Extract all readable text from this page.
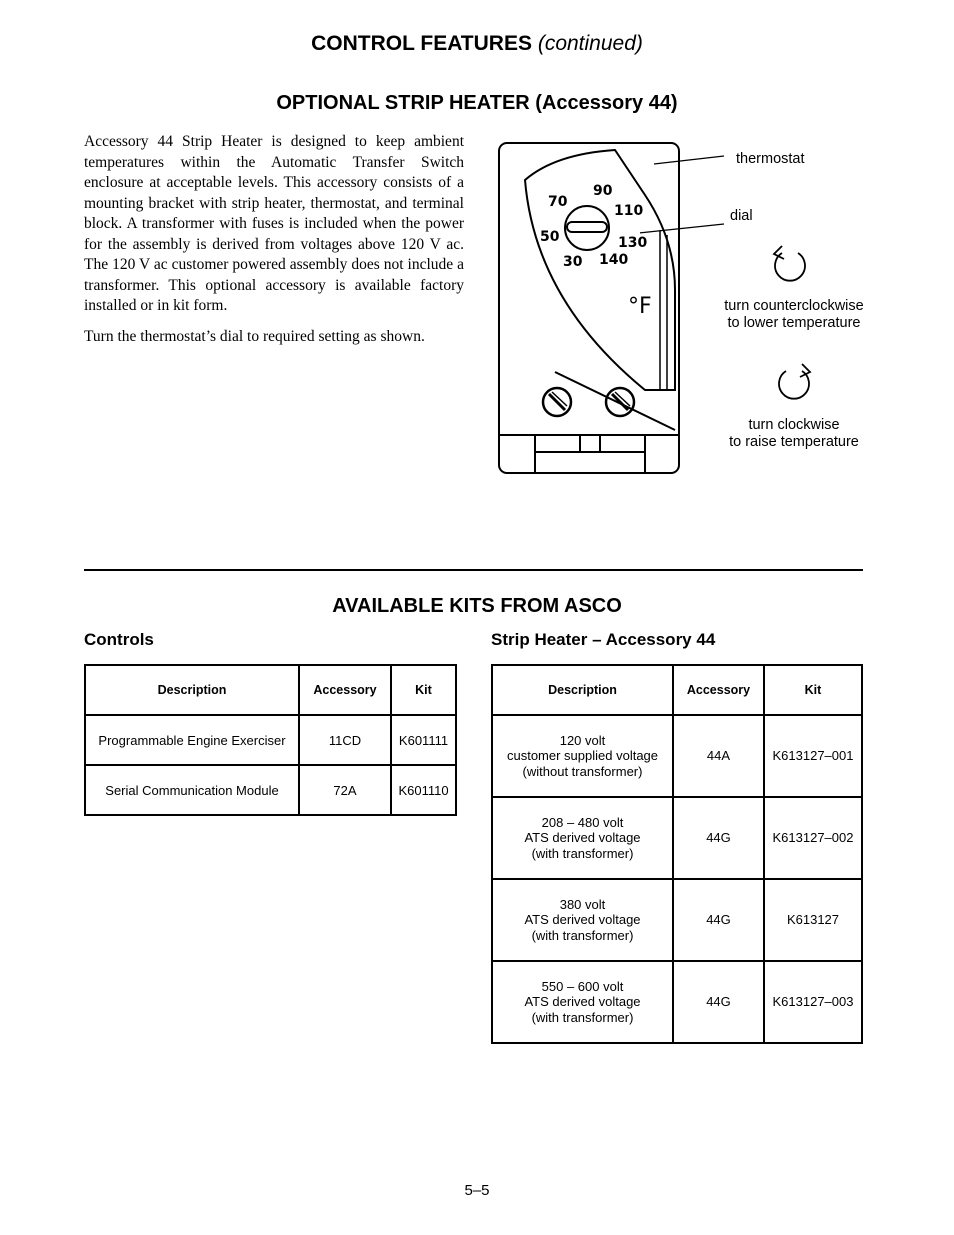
CONTROL FEATURES (continued)
OPTIONAL STRIP HEATER (Accessory 44)
Accessory 44 Strip Heater is designed to keep ambient temperatures within the Automatic Transfer Switch enclosure at acceptable levels. This accessory consists of a mounting bracket with strip heater, thermostat, and terminal block. A transformer with fuses is included when the power for the assembly is derived from voltages above 120 V ac. The 120 V ac customer powered assembly does not include a transformer. This optional accessory is available factory installed or in kit form.
Turn the thermostat’s dial to required setting as shown.
90
70
110
50	130
30 140
°F
thermostat
dial
turn counterclockwise
to lower temperature
turn clockwise
to raise temperature
AVAILABLE KITS FROM ASCO
Controls	Strip Heater – Accessory 44
Description	Accessory	Kit
Programmable Engine Exerciser	11CD	K601111
Serial Communication Module	72A	K601110
Description	Accessory	Kit

120 volt
customer supplied voltage
(without transformer)	44A	K613127–001

208 – 480 volt
ATS derived voltage
(with transformer)	44G	K613127–002

380 volt
ATS derived voltage
(with transformer)	44G	K613127

550 – 600 volt
ATS derived voltage
(with transformer)	44G	K613127–003
5–5
